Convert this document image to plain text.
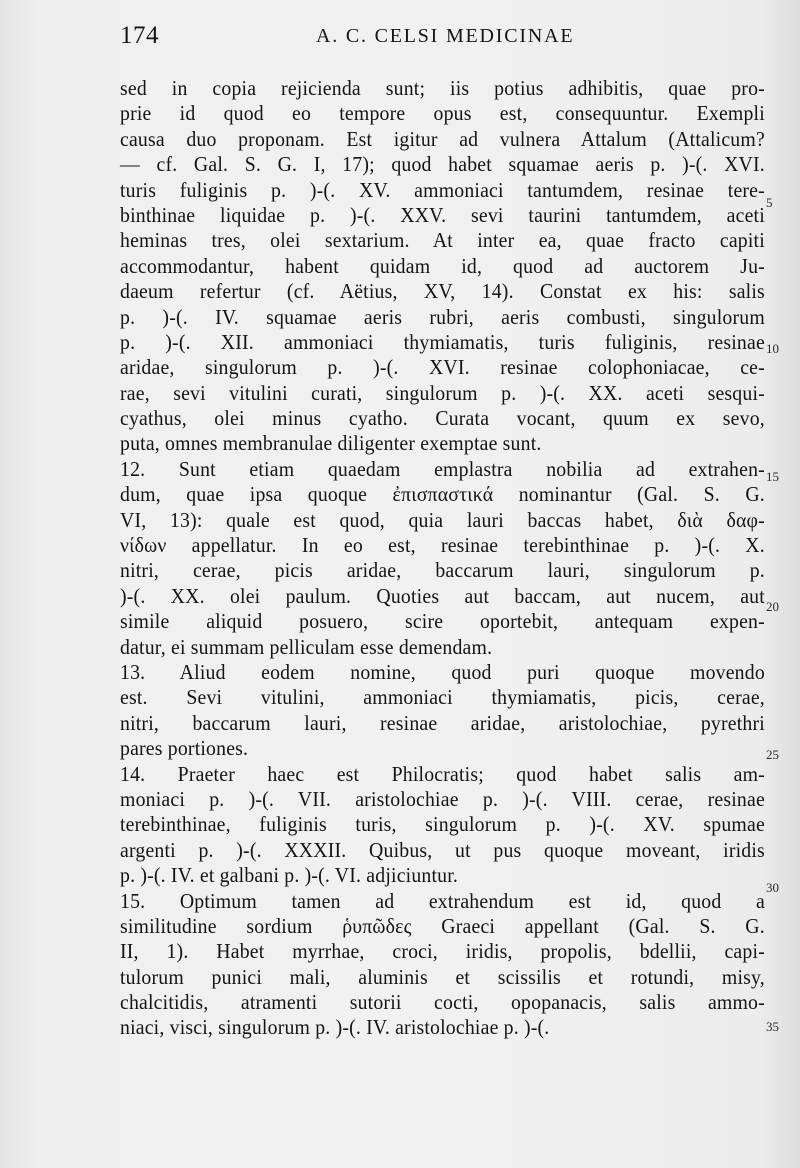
174	A. C. CELSI MEDICINAE
sed in copia rejicienda sunt; iis potius adhibitis, quae pro-
prie id quod eo tempore opus est, consequuntur. Exempli
causa duo proponam. Est igitur ad vulnera Attalum (Attalicum?
— cf. Gal. S. G. I, 17); quod habet squamae aeris p. )-(. XVI.
turis fuliginis p. )-(. XV. ammoniaci tantumdem, resinae tere-
binthinae liquidae p. )-(. XXV. sevi taurini tantumdem, aceti
heminas tres, olei sextarium. At inter ea, quae fracto capiti
accommodantur, habent quidam id, quod ad auctorem Ju-
daeum refertur (cf. Aëtius, XV, 14). Constat ex his: salis
p. )-(. IV. squamae aeris rubri, aeris combusti, singulorum
p. )-(. XII. ammoniaci thymiamatis, turis fuliginis, resinae
aridae, singulorum p. )-(. XVI. resinae colophoniacae, ce-
rae, sevi vitulini curati, singulorum p. )-(. XX. aceti sesqui-
cyathus, olei minus cyatho. Curata vocant, quum ex sevo,
puta, omnes membranulae diligenter exemptae sunt.
12. Sunt etiam quaedam emplastra nobilia ad extrahen-
dum, quae ipsa quoque ἐπισπαστικά nominantur (Gal. S. G.
VI, 13): quale est quod, quia lauri baccas habet, διὰ δαφ-
νίδων appellatur. In eo est, resinae terebinthinae p. )-(. X.
nitri, cerae, picis aridae, baccarum lauri, singulorum p.
)-(. XX. olei paulum. Quoties aut baccam, aut nucem, aut
simile aliquid posuero, scire oportebit, antequam expen-
datur, ei summam pelliculam esse demendam.
13. Aliud eodem nomine, quod puri quoque movendo
est. Sevi vitulini, ammoniaci thymiamatis, picis, cerae,
nitri, baccarum lauri, resinae aridae, aristolochiae, pyrethri
pares portiones.
14. Praeter haec est Philocratis; quod habet salis am-
moniaci p. )-(. VII. aristolochiae p. )-(. VIII. cerae, resinae
terebinthinae, fuliginis turis, singulorum p. )-(. XV. spumae
argenti p. )-(. XXXII. Quibus, ut pus quoque moveant, iridis
p. )-(. IV. et galbani p. )-(. VI. adjiciuntur.
15. Optimum tamen ad extrahendum est id, quod a
similitudine sordium ῥυπῶδες Graeci appellant (Gal. S. G.
II, 1). Habet myrrhae, croci, iridis, propolis, bdellii, capi-
tulorum punici mali, aluminis et scissilis et rotundi, misy,
chalcitidis, atramenti sutorii cocti, opopanacis, salis ammo-
niaci, visci, singulorum p. )-(. IV. aristolochiae p. )-(.
5
10
15
20
25
30
35
